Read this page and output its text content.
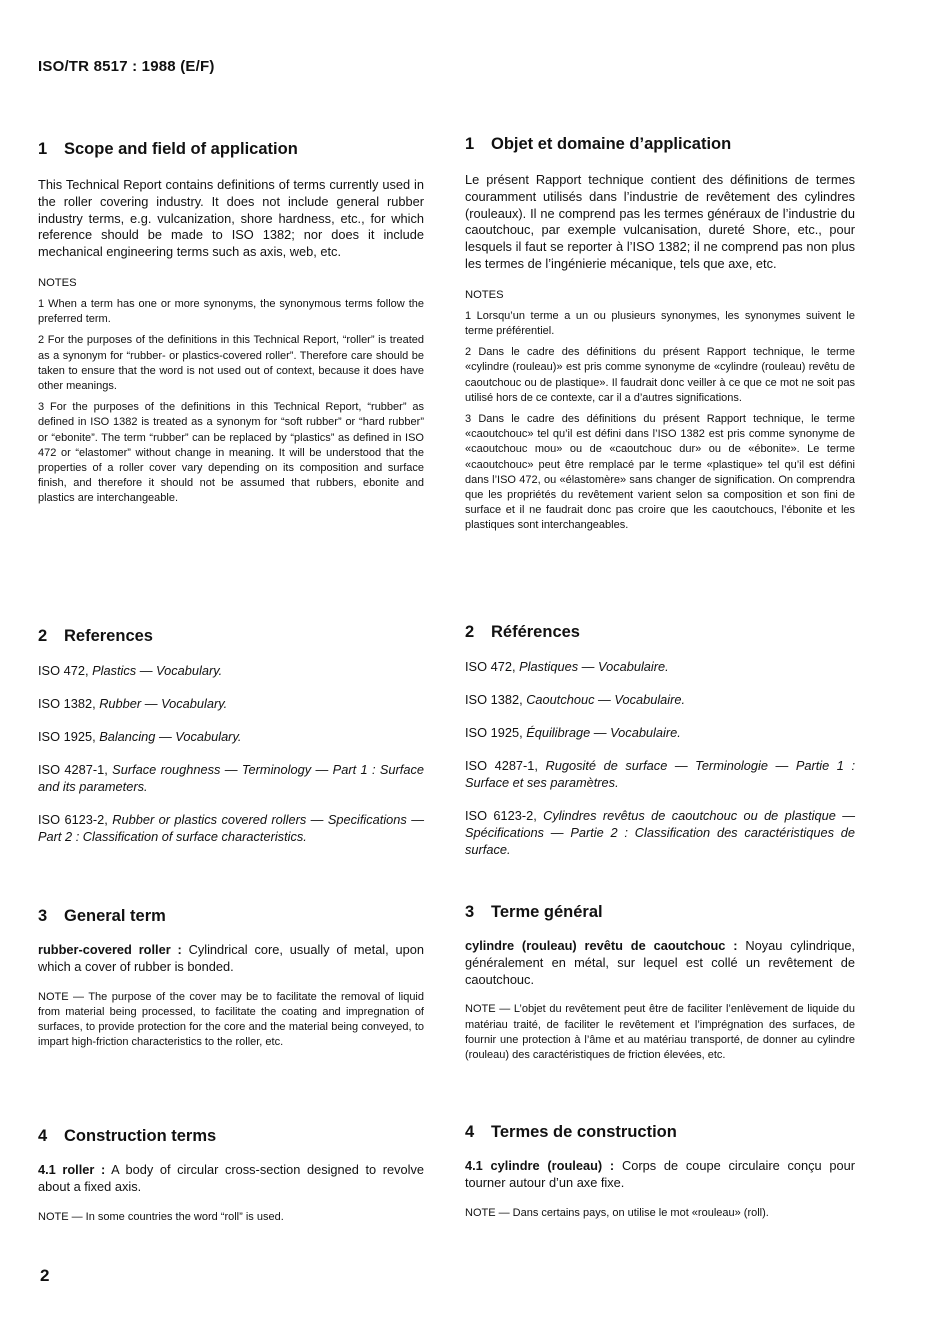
ISO/TR 8517 : 1988 (E/F)
1 Scope and field of application

This Technical Report contains definitions of terms currently used in the roller covering industry. It does not include general rubber industry terms, e.g. vulcanization, shore hardness, etc., for which reference should be made to ISO 1382; nor does it include mechanical engineering terms such as axis, web, etc.

NOTES

1 When a term has one or more synonyms, the synonymous terms follow the preferred term.

2 For the purposes of the definitions in this Technical Report, “roller” is treated as a synonym for “rubber- or plastics-covered roller”. Therefore care should be taken to ensure that the word is not used out of context, because it does have other meanings.

3 For the purposes of the definitions in this Technical Report, “rubber” as defined in ISO 1382 is treated as a synonym for “soft rubber” or “hard rubber” or “ebonite”. The term “rubber” can be replaced by “plastics” as defined in ISO 472 or “elastomer” without change in meaning. It will be understood that the properties of a roller cover vary depending on its composition and surface finish, and therefore it should not be assumed that rubbers, ebonite and plastics are interchangeable.

2 References

ISO 472, Plastics — Vocabulary.

ISO 1382, Rubber — Vocabulary.

ISO 1925, Balancing — Vocabulary.

ISO 4287-1, Surface roughness — Terminology — Part 1 : Surface and its parameters.

ISO 6123-2, Rubber or plastics covered rollers — Specifications — Part 2 : Classification of surface characteristics.

3 General term

rubber-covered roller : Cylindrical core, usually of metal, upon which a cover of rubber is bonded.

NOTE — The purpose of the cover may be to facilitate the removal of liquid from material being processed, to facilitate the coating and impregnation of surfaces, to provide protection for the core and the material being conveyed, to impart high-friction characteristics to the roller, etc.

4 Construction terms

4.1 roller : A body of circular cross-section designed to revolve about a fixed axis.

NOTE — In some countries the word “roll” is used.

1 Objet et domaine d’application

Le présent Rapport technique contient des définitions de termes couramment utilisés dans l’industrie de revêtement des cylindres (rouleaux). Il ne comprend pas les termes généraux de l’industrie du caoutchouc, par exemple vulcanisation, dureté Shore, etc., pour lesquels il faut se reporter à l’ISO 1382; il ne comprend pas non plus les termes de l’ingénierie mécanique, tels que axe, etc.

NOTES

1 Lorsqu’un terme a un ou plusieurs synonymes, les synonymes suivent le terme préférentiel.

2 Dans le cadre des définitions du présent Rapport technique, le terme «cylindre (rouleau)» est pris comme synonyme de «cylindre (rouleau) revêtu de caoutchouc ou de plastique». Il faudrait donc veiller à ce que ce mot ne soit pas utilisé hors de ce contexte, car il a d’autres significations.

3 Dans le cadre des définitions du présent Rapport technique, le terme «caoutchouc» tel qu’il est défini dans l’ISO 1382 est pris comme synonyme de «caoutchouc mou» ou de «caoutchouc dur» ou de «ébonite». Le terme «caoutchouc» peut être remplacé par le terme «plastique» tel qu’il est défini dans l’ISO 472, ou «élastomère» sans changer de signification. On comprendra que les propriétés du revêtement varient selon sa composition et son fini de surface et il ne faudrait donc pas croire que les caoutchoucs, l’ébonite et les plastiques sont interchangeables.

2 Références

ISO 472, Plastiques — Vocabulaire.

ISO 1382, Caoutchouc — Vocabulaire.

ISO 1925, Équilibrage — Vocabulaire.

ISO 4287-1, Rugosité de surface — Terminologie — Partie 1 : Surface et ses paramètres.

ISO 6123-2, Cylindres revêtus de caoutchouc ou de plastique — Spécifications — Partie 2 : Classification des caractéristiques de surface.

3 Terme général

cylindre (rouleau) revêtu de caoutchouc : Noyau cylindrique, généralement en métal, sur lequel est collé un revêtement de caoutchouc.

NOTE — L’objet du revêtement peut être de faciliter l’enlèvement de liquide du matériau traité, de faciliter le revêtement et l’imprégnation des surfaces, de fournir une protection à l’âme et au matériau transporté, de donner au cylindre (rouleau) des caractéristiques de friction élevées, etc.

4 Termes de construction

4.1 cylindre (rouleau) : Corps de coupe circulaire conçu pour tourner autour d’un axe fixe.

NOTE — Dans certains pays, on utilise le mot «rouleau» (roll).

2
